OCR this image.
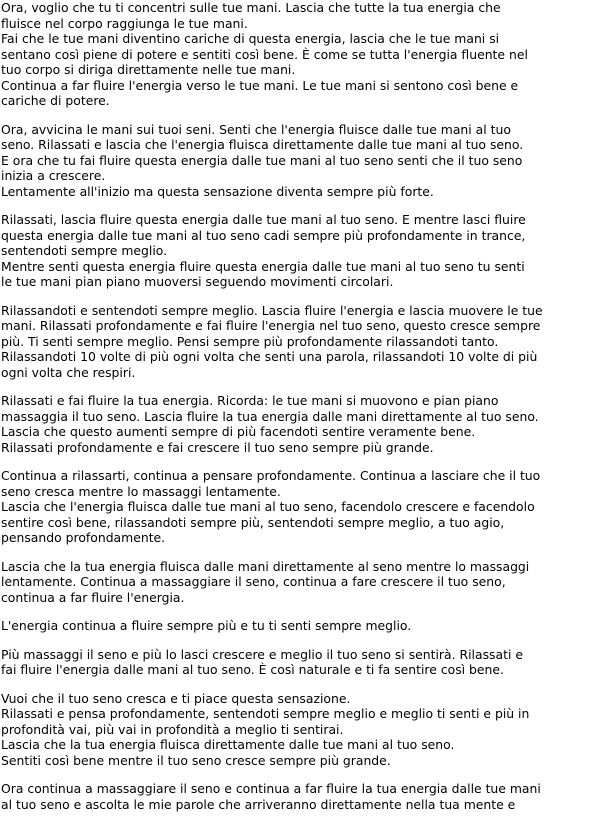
Ora, voglio che tu ti concentri sulle tue mani. Lascia che tutte la tua energia che
fluisce nel corpo raggiunga le tue mani.
Fai che le tue mani diventino cariche di questa energia, lascia che le tue mani si
sentano così piene di potere e sentiti così bene. È come se tutta l'energia fluente nel
tuo corpo si diriga direttamente nelle tue mani.
Continua a far fluire l'energia verso le tue mani. Le tue mani si sentono così bene e
cariche di potere.
Ora, avvicina le mani sui tuoi seni. Senti che l'energia fluisce dalle tue mani al tuo
seno. Rilassati e lascia che l'energia fluisca direttamente dalle tue mani al tuo seno.
E ora che tu fai fluire questa energia dalle tue mani al tuo seno senti che il tuo seno
inizia a crescere.
Lentamente all'inizio ma questa sensazione diventa sempre più forte.
Rilassati, lascia fluire questa energia dalle tue mani al tuo seno. E mentre lasci fluire
questa energia dalle tue mani al tuo seno cadi sempre più profondamente in trance,
sentendoti sempre meglio.
Mentre senti questa energia fluire questa energia dalle tue mani al tuo seno tu senti
le tue mani pian piano muoversi seguendo movimenti circolari.
Rilassandoti e sentendoti sempre meglio. Lascia fluire l'energia e lascia muovere le tue
mani. Rilassati profondamente e fai fluire l'energia nel tuo seno, questo cresce sempre
più. Ti senti sempre meglio. Pensi sempre più profondamente rilassandoti tanto.
Rilassandoti 10 volte di più ogni volta che senti una parola, rilassandoti 10 volte di più
ogni volta che respiri.
Rilassati e fai fluire la tua energia. Ricorda: le tue mani si muovono e pian piano
massaggia il tuo seno. Lascia fluire la tua energia dalle mani direttamente al tuo seno.
Lascia che questo aumenti sempre di più facendoti sentire veramente bene.
Rilassati profondamente e fai crescere il tuo seno sempre più grande.
Continua a rilassarti, continua a pensare profondamente. Continua a lasciare che il tuo
seno cresca mentre lo massaggi lentamente.
Lascia che l'energia fluisca dalle tue mani al tuo seno, facendolo crescere e facendolo
sentire così bene, rilassandoti sempre più, sentendoti sempre meglio, a tuo agio,
pensando profondamente.
Lascia che la tua energia fluisca dalle mani direttamente al seno mentre lo massaggi
lentamente. Continua a massaggiare il seno, continua a fare crescere il tuo seno,
continua a far fluire l'energia.
L'energia continua a fluire sempre più e tu ti senti sempre meglio.
Più massaggi il seno e più lo lasci crescere e meglio il tuo seno si sentirà. Rilassati e
fai fluire l'energia dalle mani al tuo seno. È così naturale e ti fa sentire così bene.
Vuoi che il tuo seno cresca e ti piace questa sensazione.
Rilassati e pensa profondamente, sentendoti sempre meglio e meglio ti senti e più in
profondità vai, più vai in profondità a meglio ti sentirai.
Lascia che la tua energia fluisca direttamente dalle tue mani al tuo seno.
Sentiti così bene mentre il tuo seno cresce sempre più grande.
Ora continua a massaggiare il seno e continua a far fluire la tua energia dalle tue mani
al tuo seno e ascolta le mie parole che arriveranno direttamente nella tua mente e
